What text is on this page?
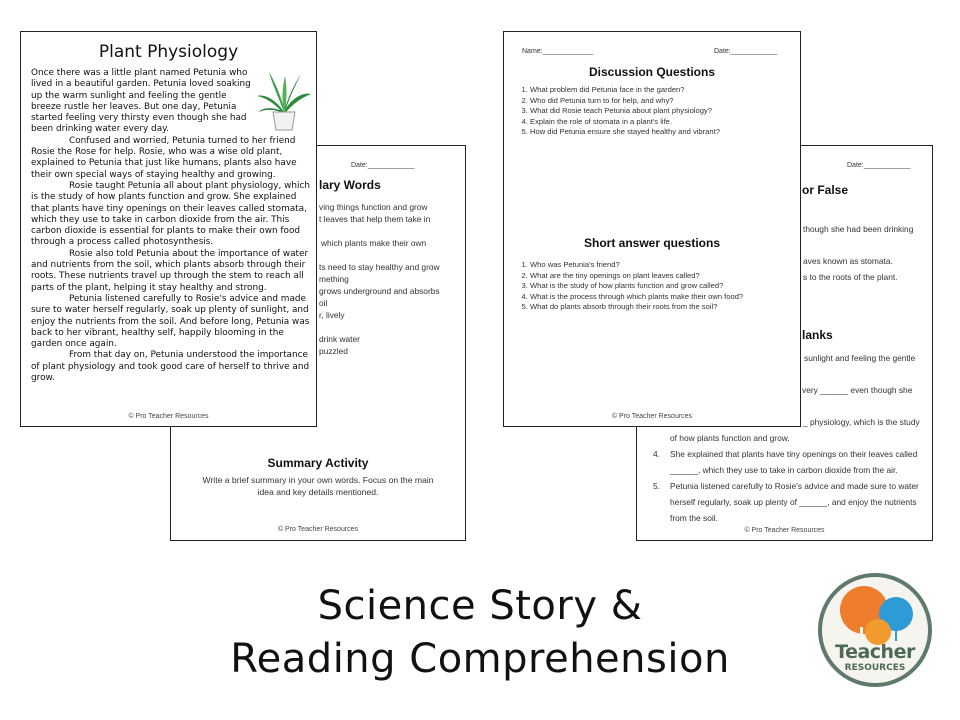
Date:____________
lary Words
ving things function and grow
t leaves that help them take in
which plants make their own
ts need to stay healthy and grow
mething
grows underground and absorbs
oil
r, lively
drink water
puzzled
Summary Activity
Write a brief summary in your own words. Focus on the main idea and key details mentioned.
© Pro Teacher Resources
Plant Physiology

Once there was a little plant named Petunia who lived in a beautiful garden. Petunia loved soaking up the warm sunlight and feeling the gentle breeze rustle her leaves. But one day, Petunia started feeling very thirsty even though she had been drinking water every day.

Confused and worried, Petunia turned to her friend Rosie the Rose for help. Rosie, who was a wise old plant, explained to Petunia that just like humans, plants also have their own special ways of staying healthy and growing.

Rosie taught Petunia all about plant physiology, which is the study of how plants function and grow. She explained that plants have tiny openings on their leaves called stomata, which they use to take in carbon dioxide from the air. This carbon dioxide is essential for plants to make their own food through a process called photosynthesis.

Rosie also told Petunia about the importance of water and nutrients from the soil, which plants absorb through their roots. These nutrients travel up through the stem to reach all parts of the plant, helping it stay healthy and strong.

Petunia listened carefully to Rosie's advice and made sure to water herself regularly, soak up plenty of sunlight, and enjoy the nutrients from the soil. And before long, Petunia was back to her vibrant, healthy self, happily blooming in the garden once again.

From that day on, Petunia understood the importance of plant physiology and took good care of herself to thrive and grow.

© Pro Teacher Resources
Date:____________
or False
though she had been drinking
aves known as stomata.
s to the roots of the plant.
lanks
sunlight and feeling the gentle
very ______ even though she
_ physiology, which is the study
of how plants function and grow.
4. She explained that plants have tiny openings on their leaves called
______, which they use to take in carbon dioxide from the air.
5. Petunia listened carefully to Rosie's advice and made sure to water
herself regularly, soak up plenty of ______, and enjoy the nutrients
from the soil.
© Pro Teacher Resources
Name:_____________	Date:____________
Discussion Questions
1. What problem did Petunia face in the garden?
2. Who did Petunia turn to for help, and why?
3. What did Rosie teach Petunia about plant physiology?
4. Explain the role of stomata in a plant's life.
5. How did Petunia ensure she stayed healthy and vibrant?
Short answer questions
1. Who was Petunia's friend?
2. What are the tiny openings on plant leaves called?
3. What is the study of how plants function and grow called?
4. What is the process through which plants make their own food?
5. What do plants absorb through their roots from the soil?
© Pro Teacher Resources
Science Story &
Reading Comprehension	Teacher
RESOURCES
